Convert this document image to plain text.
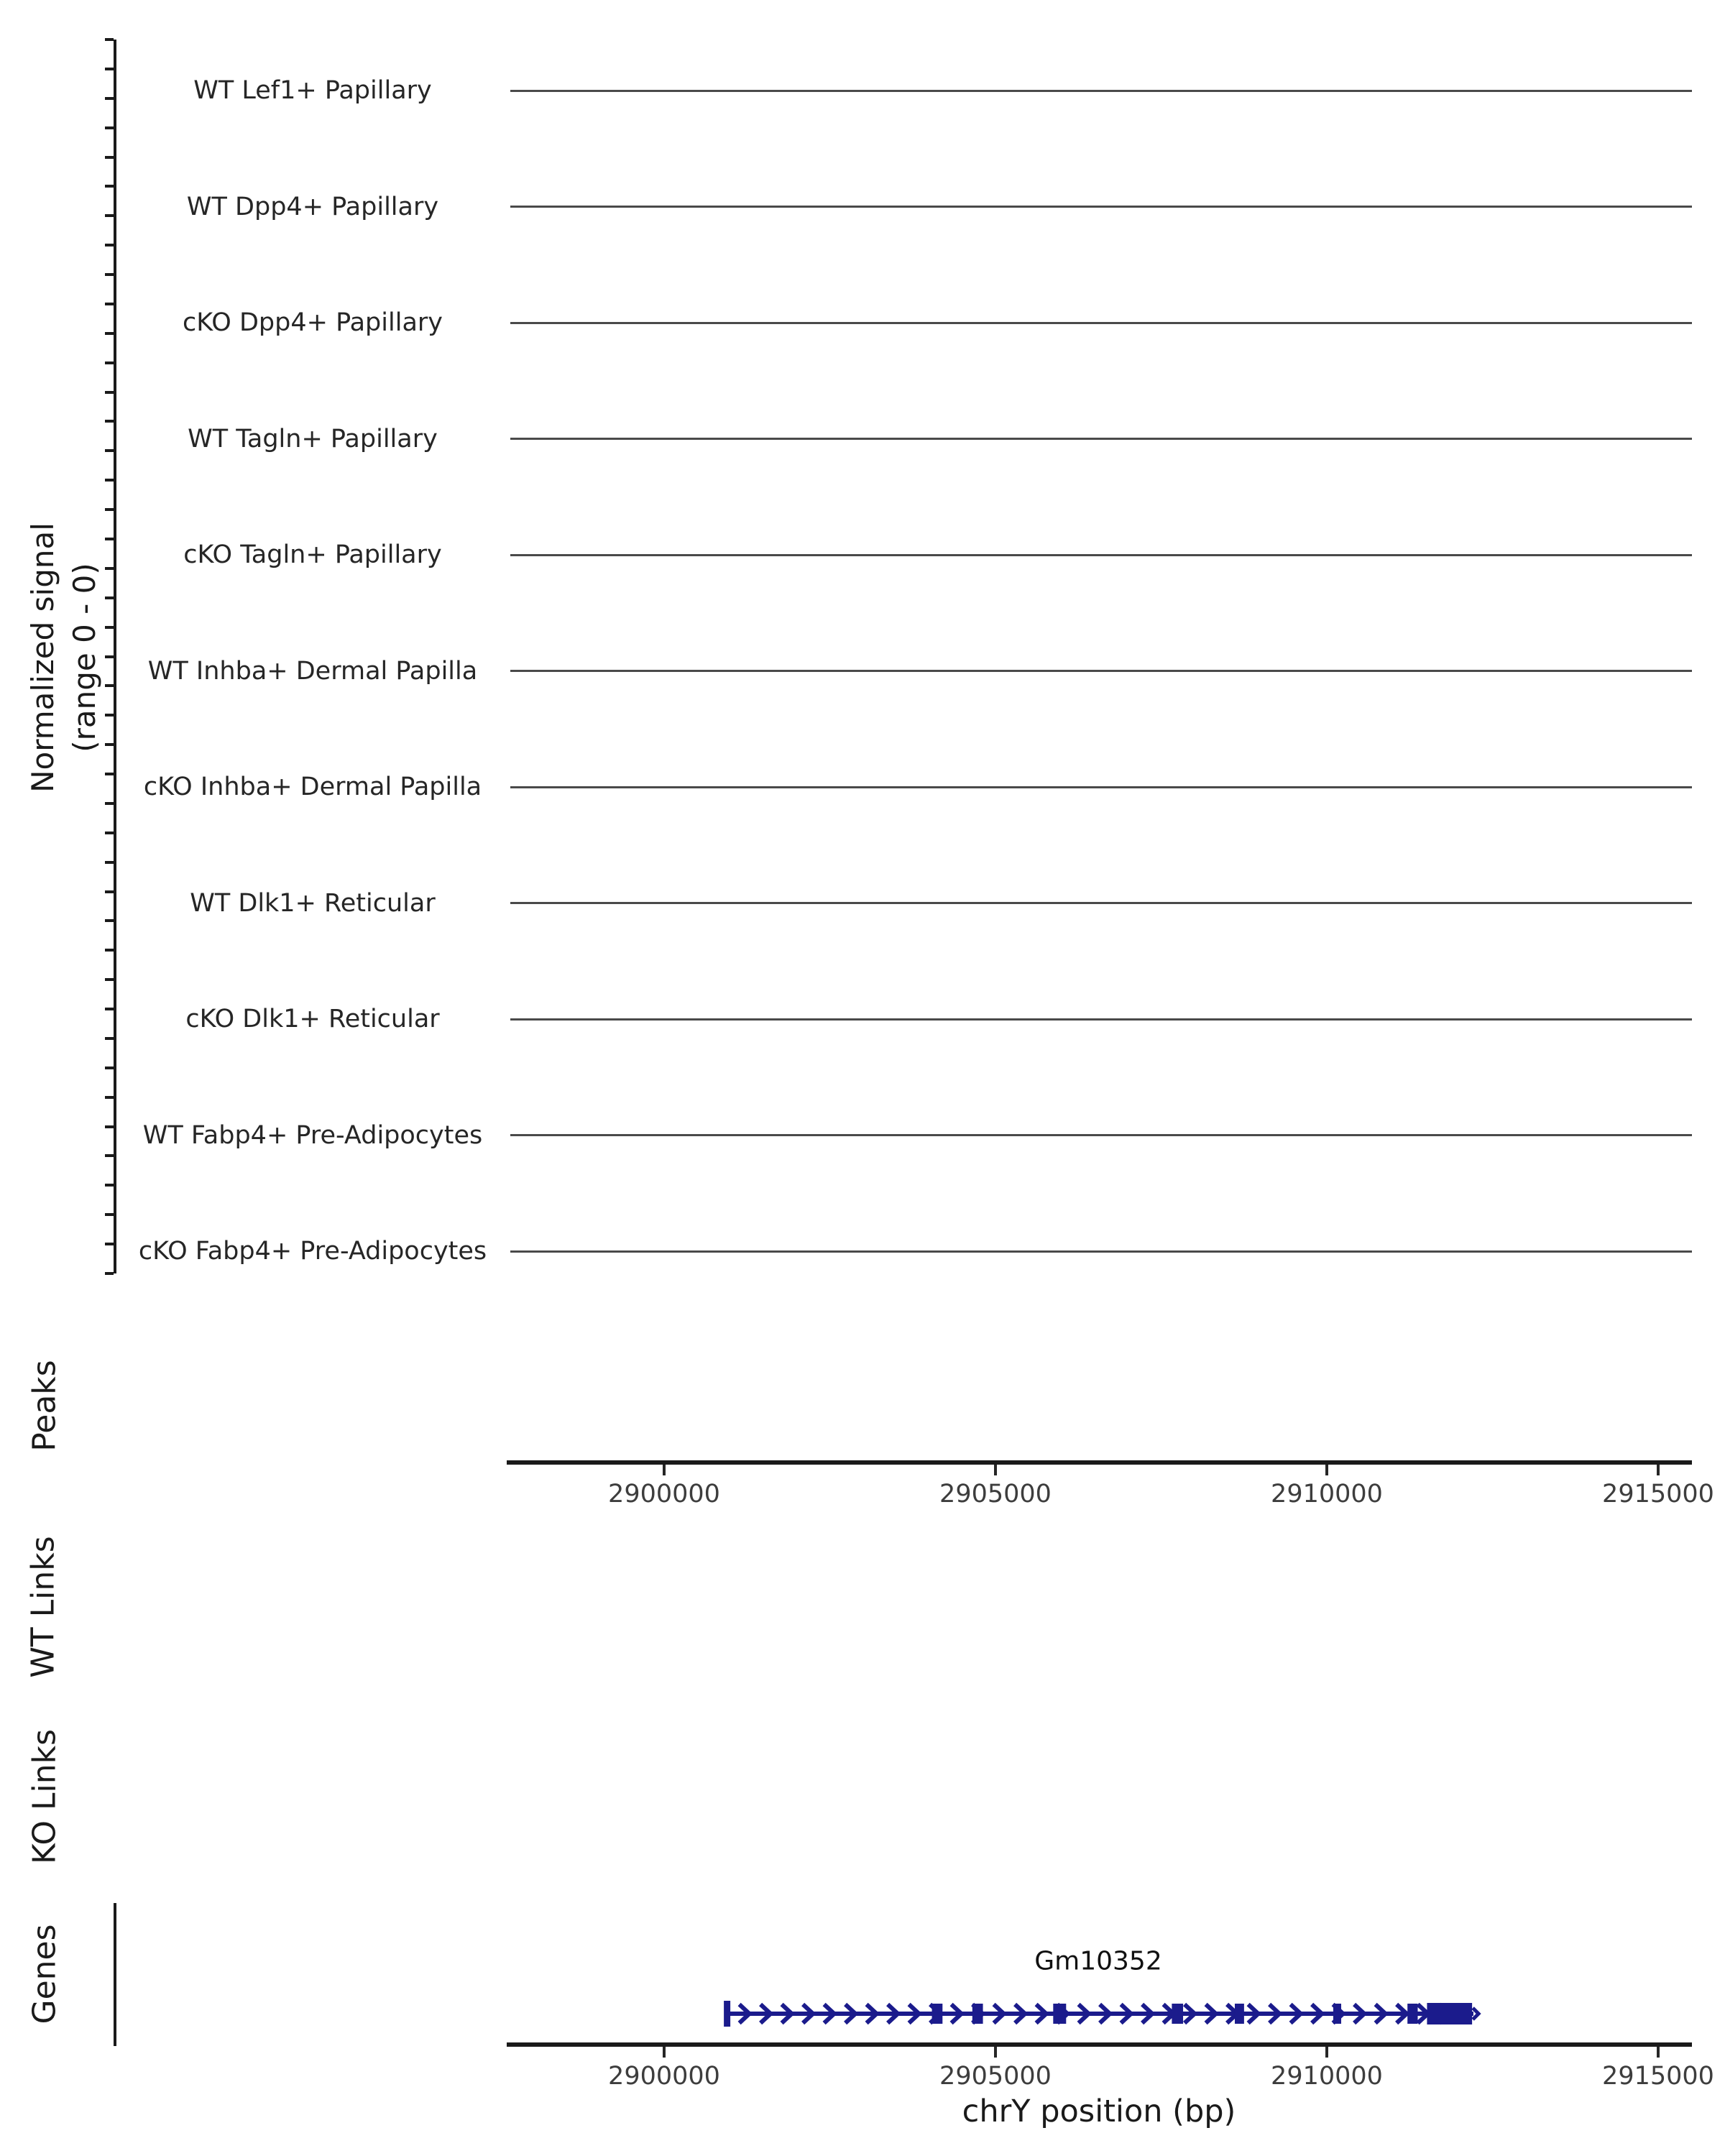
Normalized signal (range 0 - 0)
WT Lef1+ Papillary
WT Dpp4+ Papillary
cKO Dpp4+ Papillary
WT Tagln+ Papillary
cKO Tagln+ Papillary
WT Inhba+ Dermal Papilla
cKO Inhba+ Dermal Papilla
WT Dlk1+ Reticular
cKO Dlk1+ Reticular
WT Fabp4+ Pre-Adipocytes
cKO Fabp4+ Pre-Adipocytes
Peaks
WT Links
KO Links
Genes
2900000	2905000	2910000	2915000
2900000	2905000	2910000	2915000
Gm10352
chrY position (bp)
